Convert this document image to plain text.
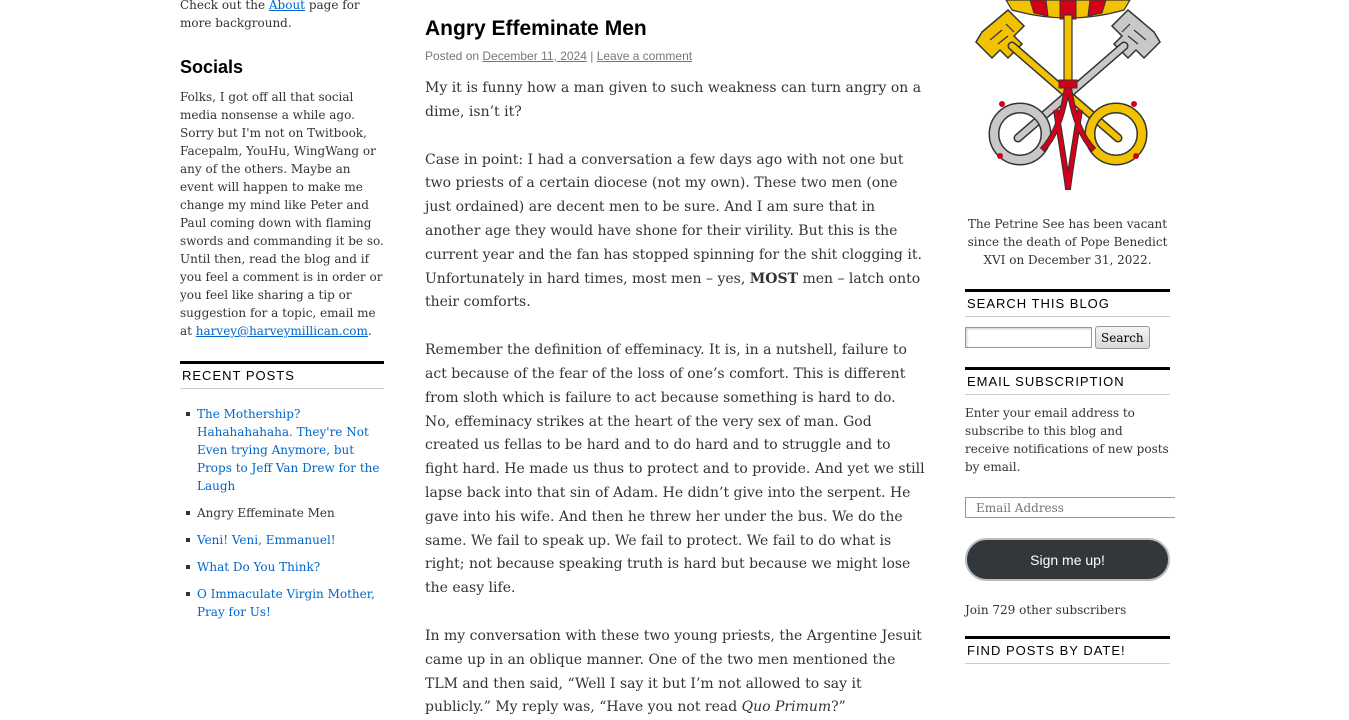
Check out the About page for more background.

Socials

Folks, I got off all that social media nonsense a while ago. Sorry but I'm not on Twitbook, Facepalm, YouHu, WingWang or any of the others. Maybe an event will happen to make me change my mind like Peter and Paul coming down with flaming swords and commanding it be so. Until then, read the blog and if you feel a comment is in order or you feel like sharing a tip or suggestion for a topic, email me at harvey@harveymillican.com.

RECENT POSTS
The Mothership? Hahahahahaha. They're Not Even trying Anymore, but Props to Jeff Van Drew for the Laugh
Angry Effeminate Men
Veni! Veni, Emmanuel!
What Do You Think?
O Immaculate Virgin Mother, Pray for Us!
Angry Effeminate Men
Posted on December 11, 2024 | Leave a comment

My it is funny how a man given to such weakness can turn angry on a dime, isn’t it?

Case in point: I had a conversation a few days ago with not one but two priests of a certain diocese (not my own). These two men (one just ordained) are decent men to be sure. And I am sure that in another age they would have shone for their virility. But this is the current year and the fan has stopped spinning for the shit clogging it. Unfortunately in hard times, most men – yes, MOST men – latch onto their comforts.

Remember the definition of effeminacy. It is, in a nutshell, failure to act because of the fear of the loss of one’s comfort. This is different from sloth which is failure to act because something is hard to do. No, effeminacy strikes at the heart of the very sex of man. God created us fellas to be hard and to do hard and to struggle and to fight hard. He made us thus to protect and to provide. And yet we still lapse back into that sin of Adam. He didn’t give into the serpent. He gave into his wife. And then he threw her under the bus. We do the same. We fail to speak up. We fail to protect. We fail to do what is right; not because speaking truth is hard but because we might lose the easy life.

In my conversation with these two young priests, the Argentine Jesuit came up in an oblique manner. One of the two men mentioned the TLM and then said, “Well I say it but I’m not allowed to say it publicly.” My reply was, “Have you not read Quo Primum?”

The Petrine See has been vacant since the death of Pope Benedict XVI on December 31, 2022.

SEARCH THIS BLOG
Search
EMAIL SUBSCRIPTION

Enter your email address to subscribe to this blog and receive notifications of new posts by email.

Email Address
Sign me up!

Join 729 other subscribers

FIND POSTS BY DATE!
